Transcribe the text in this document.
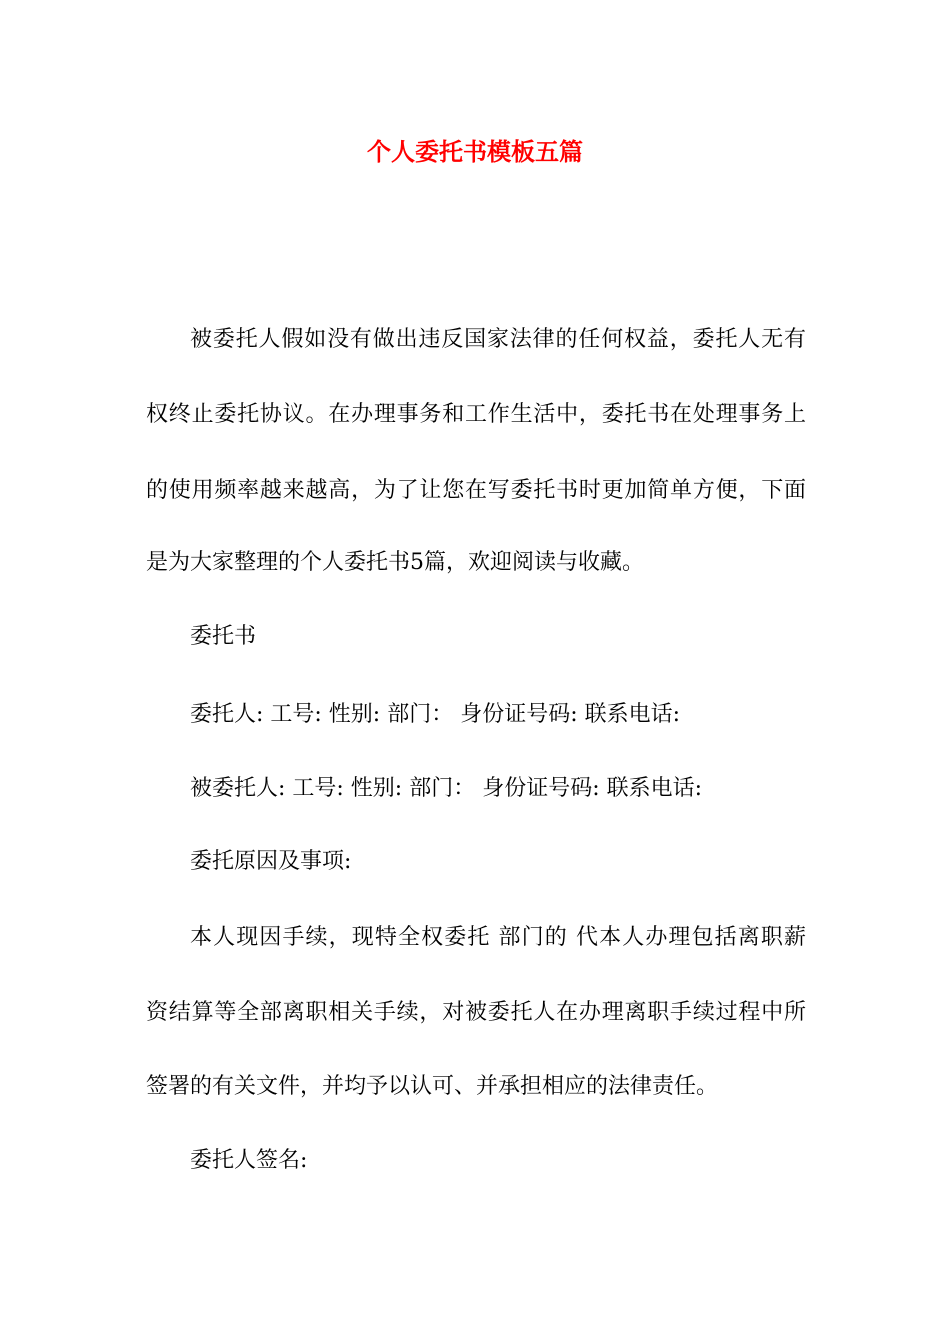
个人委托书模板五篇
被委托人假如没有做出违反国家法律的任何权益，委托人无有
权终止委托协议。在办理事务和工作生活中，委托书在处理事务上
的使用频率越来越高，为了让您在写委托书时更加简单方便，下面
是为大家整理的个人委托书5篇，欢迎阅读与收藏。
委托书
委托人: 工号: 性别: 部门： 身份证号码: 联系电话:
被委托人: 工号: 性别: 部门： 身份证号码: 联系电话:
委托原因及事项:
本人现因手续，现特全权委托 部门的 代本人办理包括离职薪
资结算等全部离职相关手续，对被委托人在办理离职手续过程中所
签署的有关文件，并均予以认可、并承担相应的法律责任。
委托人签名:
